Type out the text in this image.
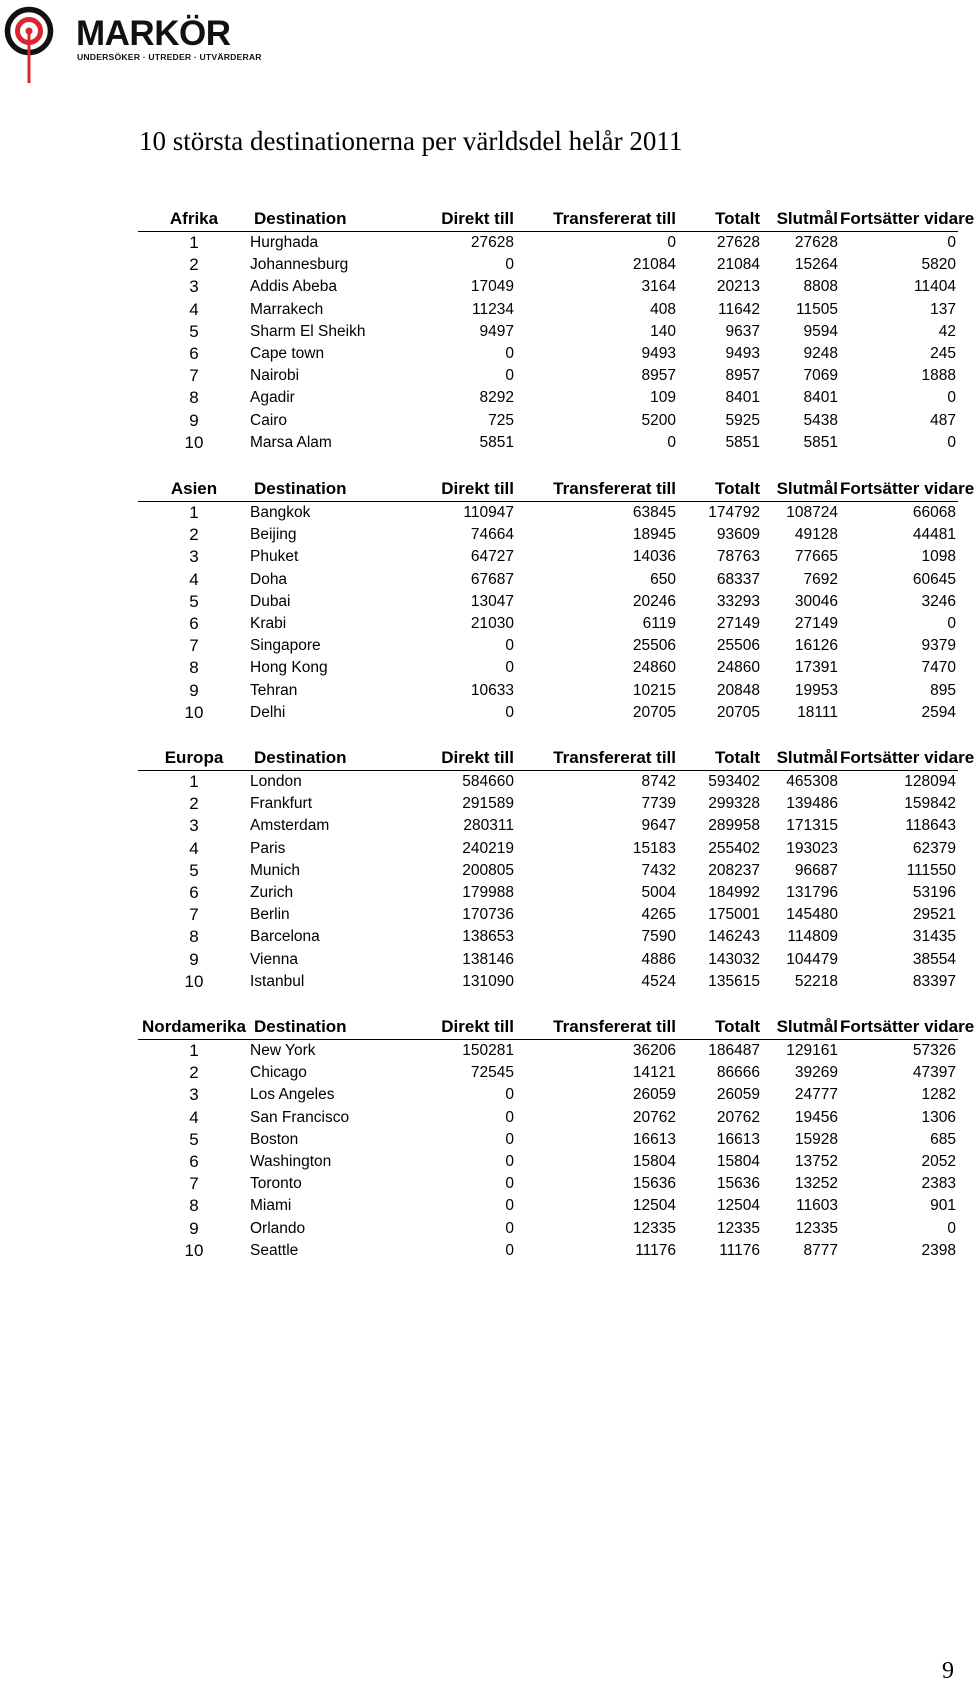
MARKÖR
UNDERSÖKER · UTREDER · UTVÄRDERAR
10 största destinationerna per världsdel helår 2011
Afrika	Destination	Direkt till	Transfererat till	Totalt	Slutmål	Fortsätter vidare
1	Hurghada	27628	0	27628	27628	0
2	Johannesburg	0	21084	21084	15264	5820
3	Addis Abeba	17049	3164	20213	8808	11404
4	Marrakech	11234	408	11642	11505	137
5	Sharm El Sheikh	9497	140	9637	9594	42
6	Cape town	0	9493	9493	9248	245
7	Nairobi	0	8957	8957	7069	1888
8	Agadir	8292	109	8401	8401	0
9	Cairo	725	5200	5925	5438	487
10	Marsa Alam	5851	0	5851	5851	0
Asien	Destination	Direkt till	Transfererat till	Totalt	Slutmål	Fortsätter vidare
1	Bangkok	110947	63845	174792	108724	66068
2	Beijing	74664	18945	93609	49128	44481
3	Phuket	64727	14036	78763	77665	1098
4	Doha	67687	650	68337	7692	60645
5	Dubai	13047	20246	33293	30046	3246
6	Krabi	21030	6119	27149	27149	0
7	Singapore	0	25506	25506	16126	9379
8	Hong Kong	0	24860	24860	17391	7470
9	Tehran	10633	10215	20848	19953	895
10	Delhi	0	20705	20705	18111	2594
Europa	Destination	Direkt till	Transfererat till	Totalt	Slutmål	Fortsätter vidare
1	London	584660	8742	593402	465308	128094
2	Frankfurt	291589	7739	299328	139486	159842
3	Amsterdam	280311	9647	289958	171315	118643
4	Paris	240219	15183	255402	193023	62379
5	Munich	200805	7432	208237	96687	111550
6	Zurich	179988	5004	184992	131796	53196
7	Berlin	170736	4265	175001	145480	29521
8	Barcelona	138653	7590	146243	114809	31435
9	Vienna	138146	4886	143032	104479	38554
10	Istanbul	131090	4524	135615	52218	83397
Nordamerika	Destination	Direkt till	Transfererat till	Totalt	Slutmål	Fortsätter vidare
1	New York	150281	36206	186487	129161	57326
2	Chicago	72545	14121	86666	39269	47397
3	Los Angeles	0	26059	26059	24777	1282
4	San Francisco	0	20762	20762	19456	1306
5	Boston	0	16613	16613	15928	685
6	Washington	0	15804	15804	13752	2052
7	Toronto	0	15636	15636	13252	2383
8	Miami	0	12504	12504	11603	901
9	Orlando	0	12335	12335	12335	0
10	Seattle	0	11176	11176	8777	2398
9
